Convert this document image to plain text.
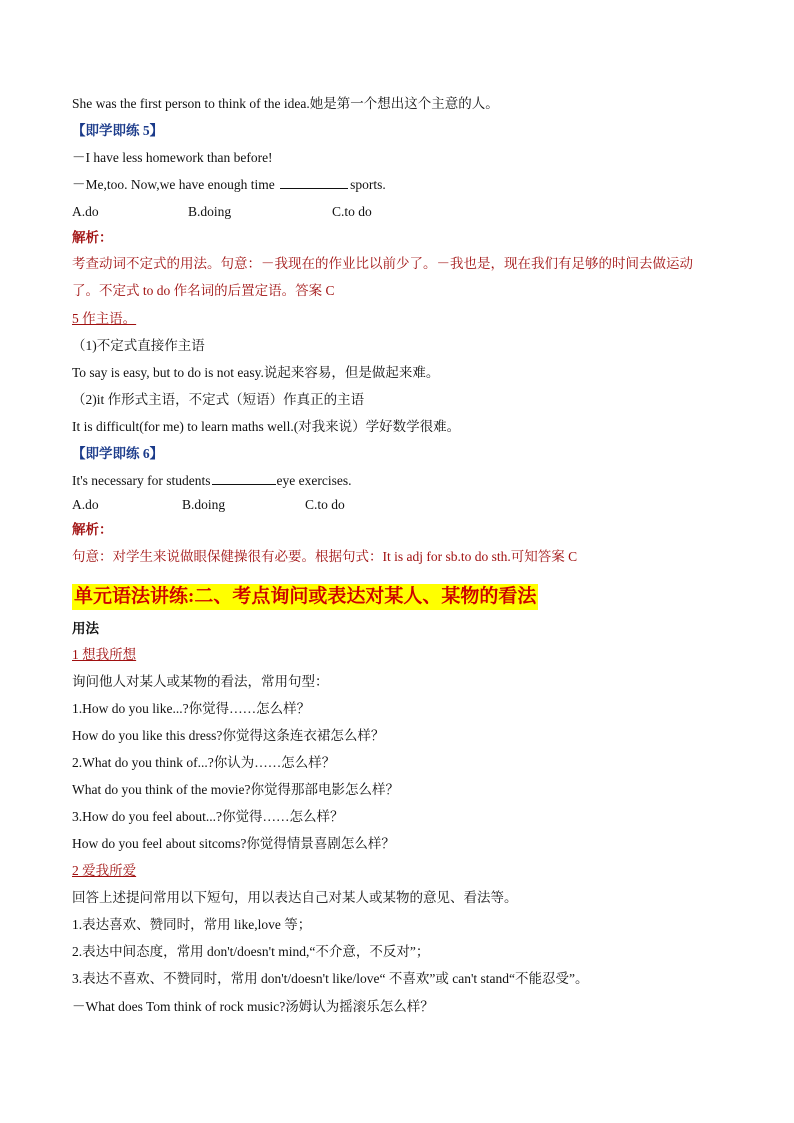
She was the first person to think of the idea.她是第一个想出这个主意的人。
【即学即练 5】
－I have less homework than before!
－Me,too. Now,we have enough time	sports.
A.do	B.doing	C.to do
解析：
考查动词不定式的用法。句意：－我现在的作业比以前少了。－我也是，现在我们有足够的时间去做运动
了。不定式 to do 作名词的后置定语。答案 C
5 作主语。
（1)不定式直接作主语
To say is easy, but to do is not easy.说起来容易，但是做起来难。
（2)it 作形式主语，不定式（短语）作真正的主语
It is difficult(for me) to learn maths well.(对我来说）学好数学很难。
【即学即练 6】
It's necessary for students	eye exercises.
A.do	B.doing	C.to do
解析：
句意：对学生来说做眼保健操很有必要。根据句式：It is adj for sb.to do sth.可知答案 C
单元语法讲练:二、考点询问或表达对某人、某物的看法
用法
1 想我所想
询问他人对某人或某物的看法，常用句型：
1.How do you like...?你觉得……怎么样？
How do you like this dress?你觉得这条连衣裙怎么样？
2.What do you think of...?你认为……怎么样？
What do you think of the movie?你觉得那部电影怎么样？
3.How do you feel about...?你觉得……怎么样？
How do you feel about sitcoms?你觉得情景喜剧怎么样？
2 爱我所爱
回答上述提问常用以下短句，用以表达自己对某人或某物的意见、看法等。
1.表达喜欢、赞同时，常用 like,love 等；
2.表达中间态度，常用 don't/doesn't mind,“不介意，不反对”；
3.表达不喜欢、不赞同时，常用 don't/doesn't like/love“ 不喜欢”或 can't stand“不能忍受”。
－What does Tom think of rock music?汤姆认为摇滚乐怎么样？
